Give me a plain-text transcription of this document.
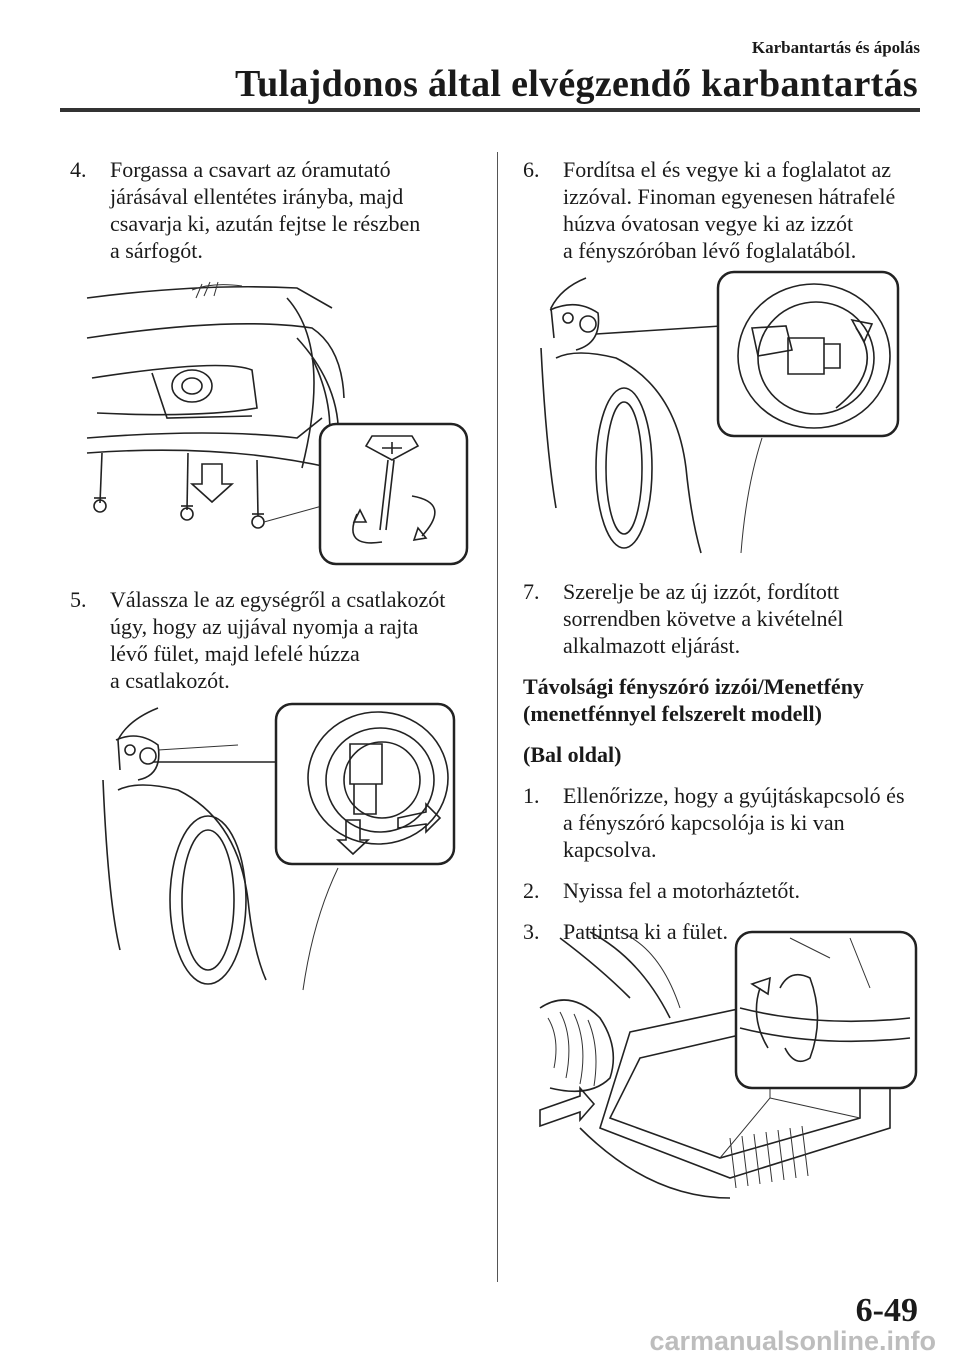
Karbantartás és ápolás
Tulajdonos által elvégzendő karbantartás

4. Forgassa a csavart az óramutató
járásával ellentétes irányba, majd
csavarja ki, azután fejtse le részben
a sárfogót.

5. Válassza le az egységről a csatlakozót
úgy, hogy az ujjával nyomja a rajta
lévő fület, majd lefelé húzza
a csatlakozót.

6. Fordítsa el és vegye ki a foglalatot az
izzóval. Finoman egyenesen hátrafelé
húzva óvatosan vegye ki az izzót
a fényszóróban lévő foglalatából.

7. Szerelje be az új izzót, fordított
sorrendben követve a kivételnél
alkalmazott eljárást.

Távolsági fényszóró izzói/Menetfény

(menetfénnyel felszerelt modell)

(Bal oldal)

1. Ellenőrizze, hogy a gyújtáskapcsoló és
a fényszóró kapcsolója is ki van
kapcsolva.

2. Nyissa fel a motorháztetőt.

3. Pattintsa ki a fület.

6-49
carmanualsonline.info
